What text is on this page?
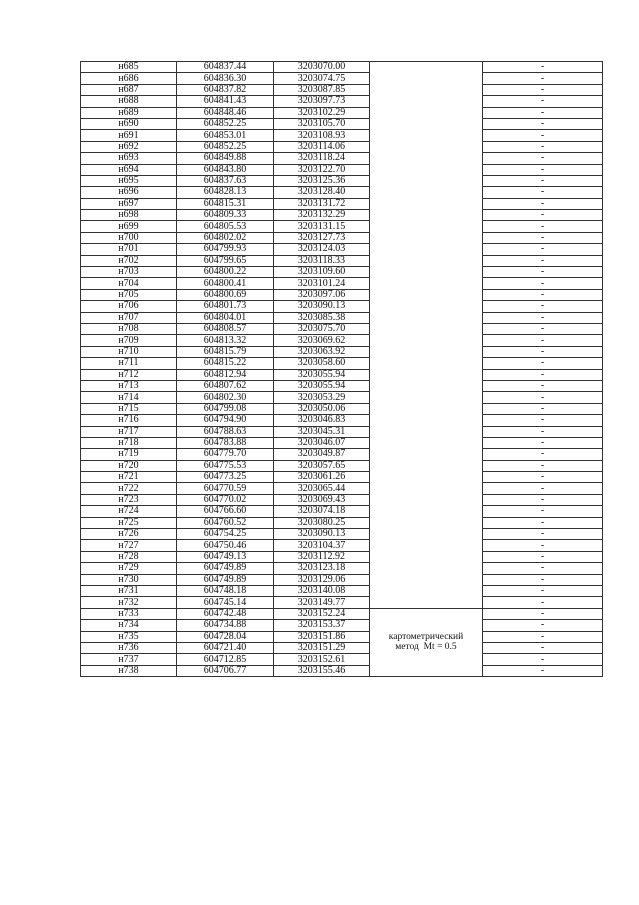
н685	604837.44	3203070.00		-
н686	604836.30	3203074.75		-
н687	604837.82	3203087.85		-
н688	604841.43	3203097.73		-
н689	604848.46	3203102.29		-
н690	604852.25	3203105.70		-
н691	604853.01	3203108.93		-
н692	604852.25	3203114.06		-
н693	604849.88	3203118.24		-
н694	604843.80	3203122.70		-
н695	604837.63	3203125.36		-
н696	604828.13	3203128.40		-
н697	604815.31	3203131.72		-
н698	604809.33	3203132.29		-
н699	604805.53	3203131.15		-
н700	604802.02	3203127.73		-
н701	604799.93	3203124.03		-
н702	604799.65	3203118.33		-
н703	604800.22	3203109.60		-
н704	604800.41	3203101.24		-
н705	604800.69	3203097.06		-
н706	604801.73	3203090.13		-
н707	604804.01	3203085.38		-
н708	604808.57	3203075.70		-
н709	604813.32	3203069.62		-
н710	604815.79	3203063.92		-
н711	604815.22	3203058.60		-
н712	604812.94	3203055.94		-
н713	604807.62	3203055.94		-
н714	604802.30	3203053.29		-
н715	604799.08	3203050.06		-
н716	604794.90	3203046.83		-
н717	604788.63	3203045.31		-
н718	604783.88	3203046.07		-
н719	604779.70	3203049.87		-
н720	604775.53	3203057.65		-
н721	604773.25	3203061.26		-
н722	604770.59	3203065.44		-
н723	604770.02	3203069.43		-
н724	604766.60	3203074.18		-
н725	604760.52	3203080.25		-
н726	604754.25	3203090.13		-
н727	604750.46	3203104.37		-
н728	604749.13	3203112.92		-
н729	604749.89	3203123.18		-
н730	604749.89	3203129.06		-
н731	604748.18	3203140.08		-
н732	604745.14	3203149.77		-
н733	604742.48	3203152.24	картометрический
метод  Mt = 0.5	-
н734	604734.88	3203153.37		-
н735	604728.04	3203151.86		-
н736	604721.40	3203151.29		-
н737	604712.85	3203152.61		-
н738	604706.77	3203155.46		-
